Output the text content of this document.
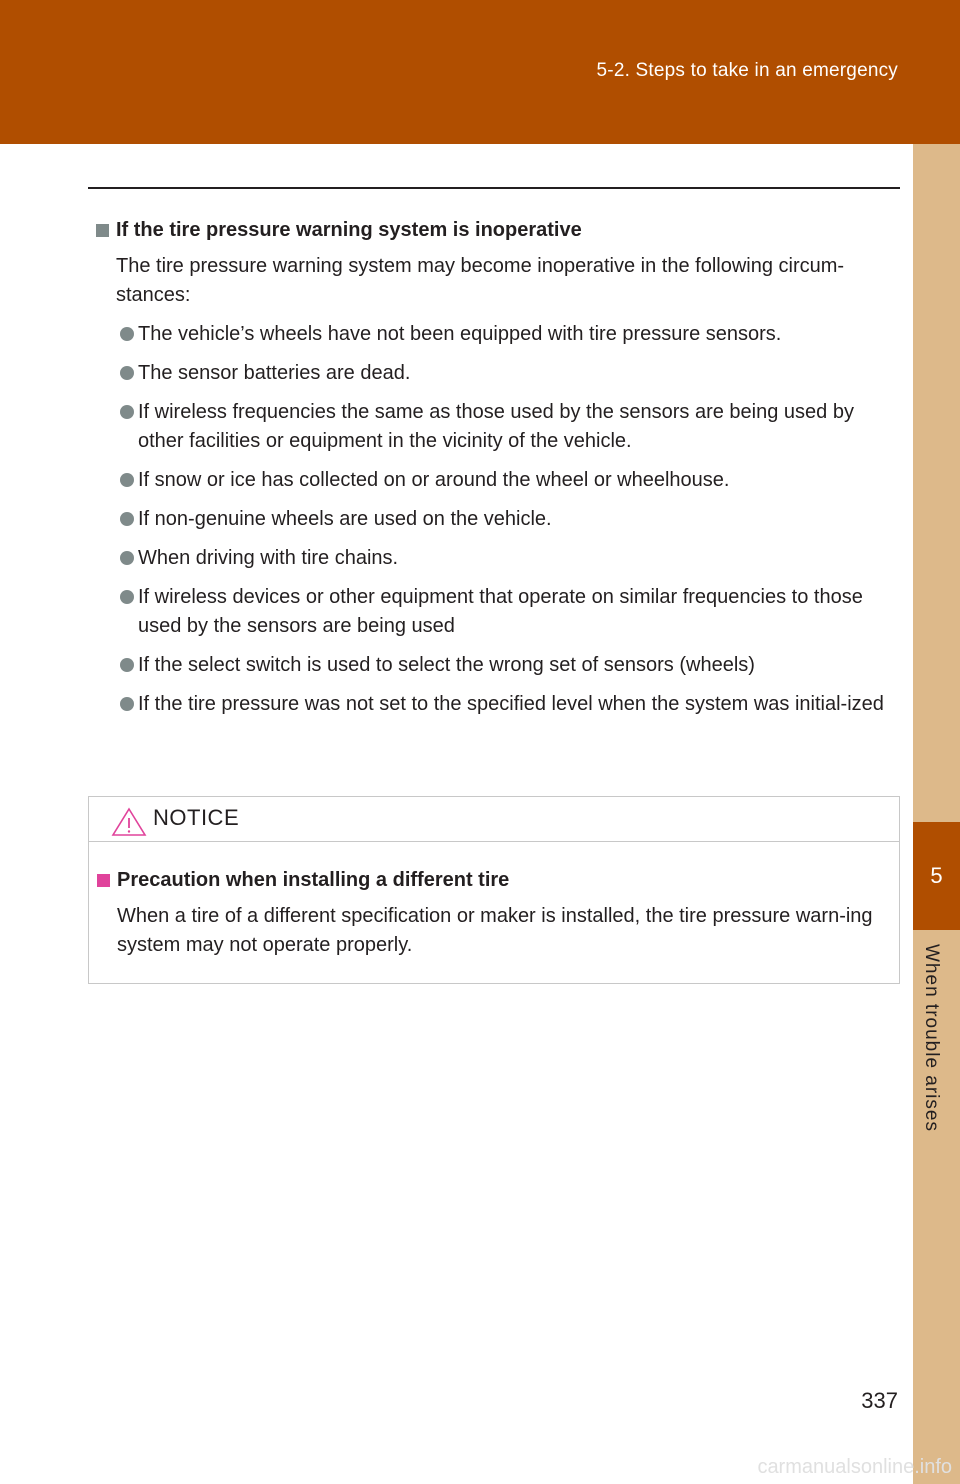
5-2. Steps to take in an emergency
5
When trouble arises
If the tire pressure warning system is inoperative
The tire pressure warning system may become inoperative in the following circum-stances:
The vehicle’s wheels have not been equipped with tire pressure sensors.
The sensor batteries are dead.
If wireless frequencies the same as those used by the sensors are being used by other facilities or equipment in the vicinity of the vehicle.
If snow or ice has collected on or around the wheel or wheelhouse.
If non-genuine wheels are used on the vehicle.
When driving with tire chains.
If wireless devices or other equipment that operate on similar frequencies to those used by the sensors are being used
If the select switch is used to select the wrong set of sensors (wheels)
If the tire pressure was not set to the specified level when the system was initial-ized
NOTICE
Precaution when installing a different tire
When a tire of a different specification or maker is installed, the tire pressure warn-ing system may not operate properly.
337
carmanualsonline.info
